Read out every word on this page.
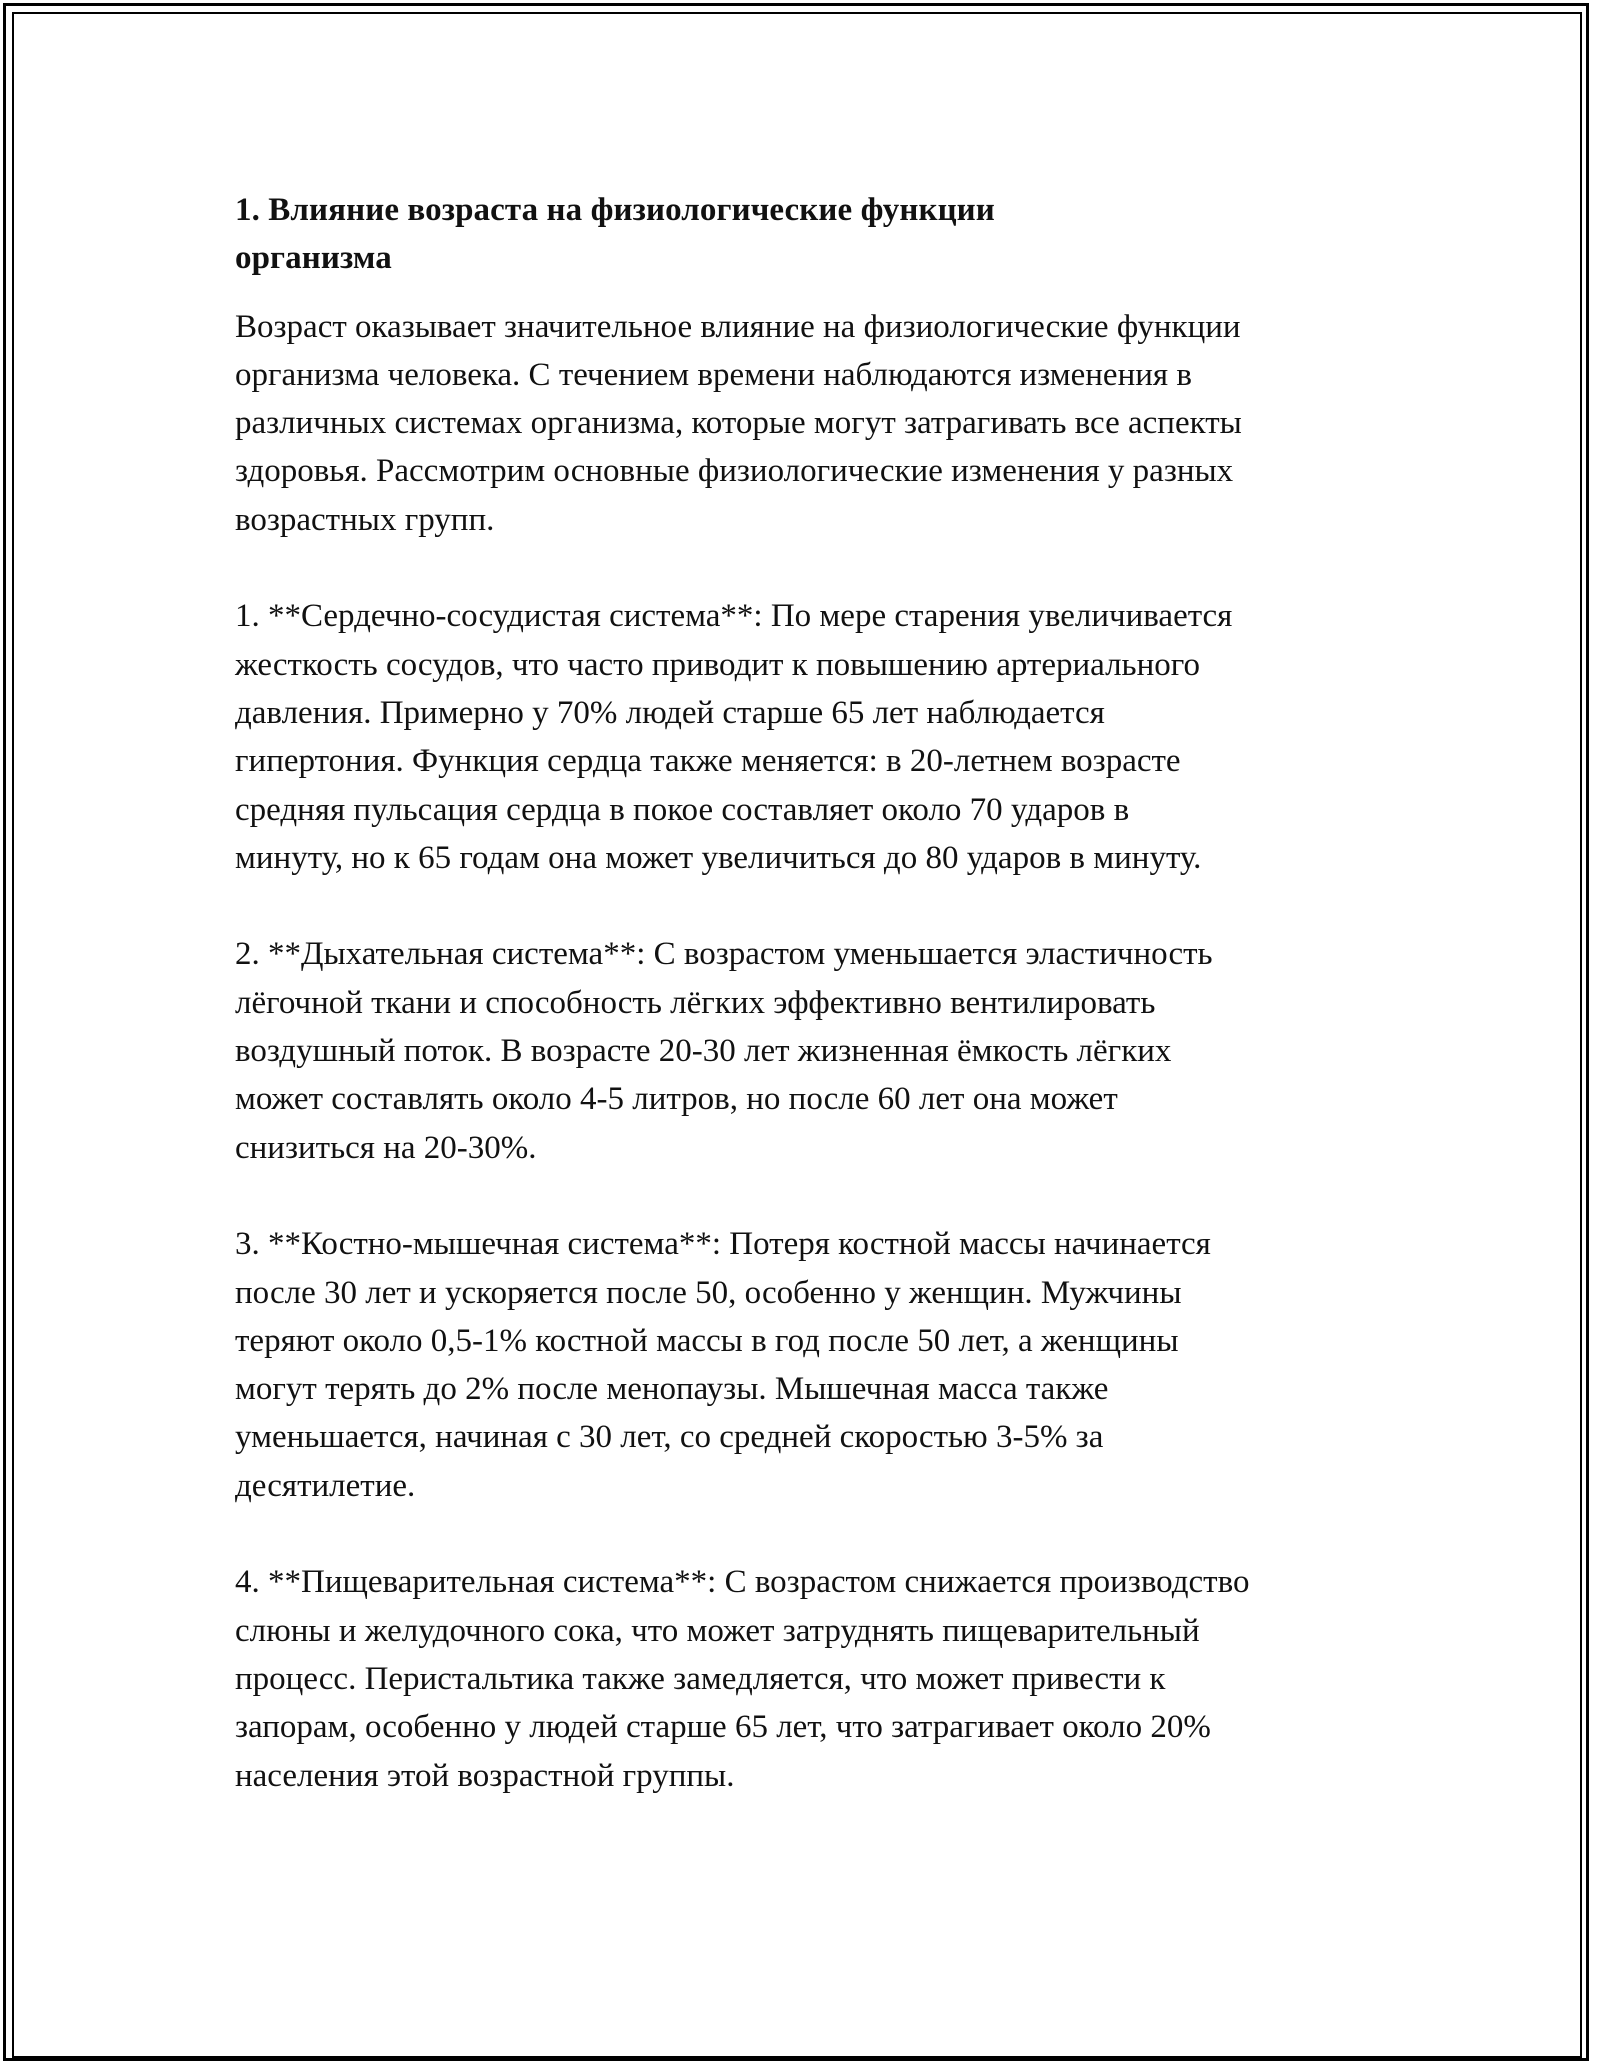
1. Влияние возраста на физиологические функции
организма

Возраст оказывает значительное влияние на физиологические функции
организма человека. С течением времени наблюдаются изменения в
различных системах организма, которые могут затрагивать все аспекты
здоровья. Рассмотрим основные физиологические изменения у разных
возрастных групп.

1. **Сердечно-сосудистая система**: По мере старения увеличивается
жесткость сосудов, что часто приводит к повышению артериального
давления. Примерно у 70% людей старше 65 лет наблюдается
гипертония. Функция сердца также меняется: в 20-летнем возрасте
средняя пульсация сердца в покое составляет около 70 ударов в
минуту, но к 65 годам она может увеличиться до 80 ударов в минуту.

2. **Дыхательная система**: С возрастом уменьшается эластичность
лёгочной ткани и способность лёгких эффективно вентилировать
воздушный поток. В возрасте 20-30 лет жизненная ёмкость лёгких
может составлять около 4-5 литров, но после 60 лет она может
снизиться на 20-30%.

3. **Костно-мышечная система**: Потеря костной массы начинается
после 30 лет и ускоряется после 50, особенно у женщин. Мужчины
теряют около 0,5-1% костной массы в год после 50 лет, а женщины
могут терять до 2% после менопаузы. Мышечная масса также
уменьшается, начиная с 30 лет, со средней скоростью 3-5% за
десятилетие.

4. **Пищеварительная система**: С возрастом снижается производство
слюны и желудочного сока, что может затруднять пищеварительный
процесс. Перистальтика также замедляется, что может привести к
запорам, особенно у людей старше 65 лет, что затрагивает около 20%
населения этой возрастной группы.
